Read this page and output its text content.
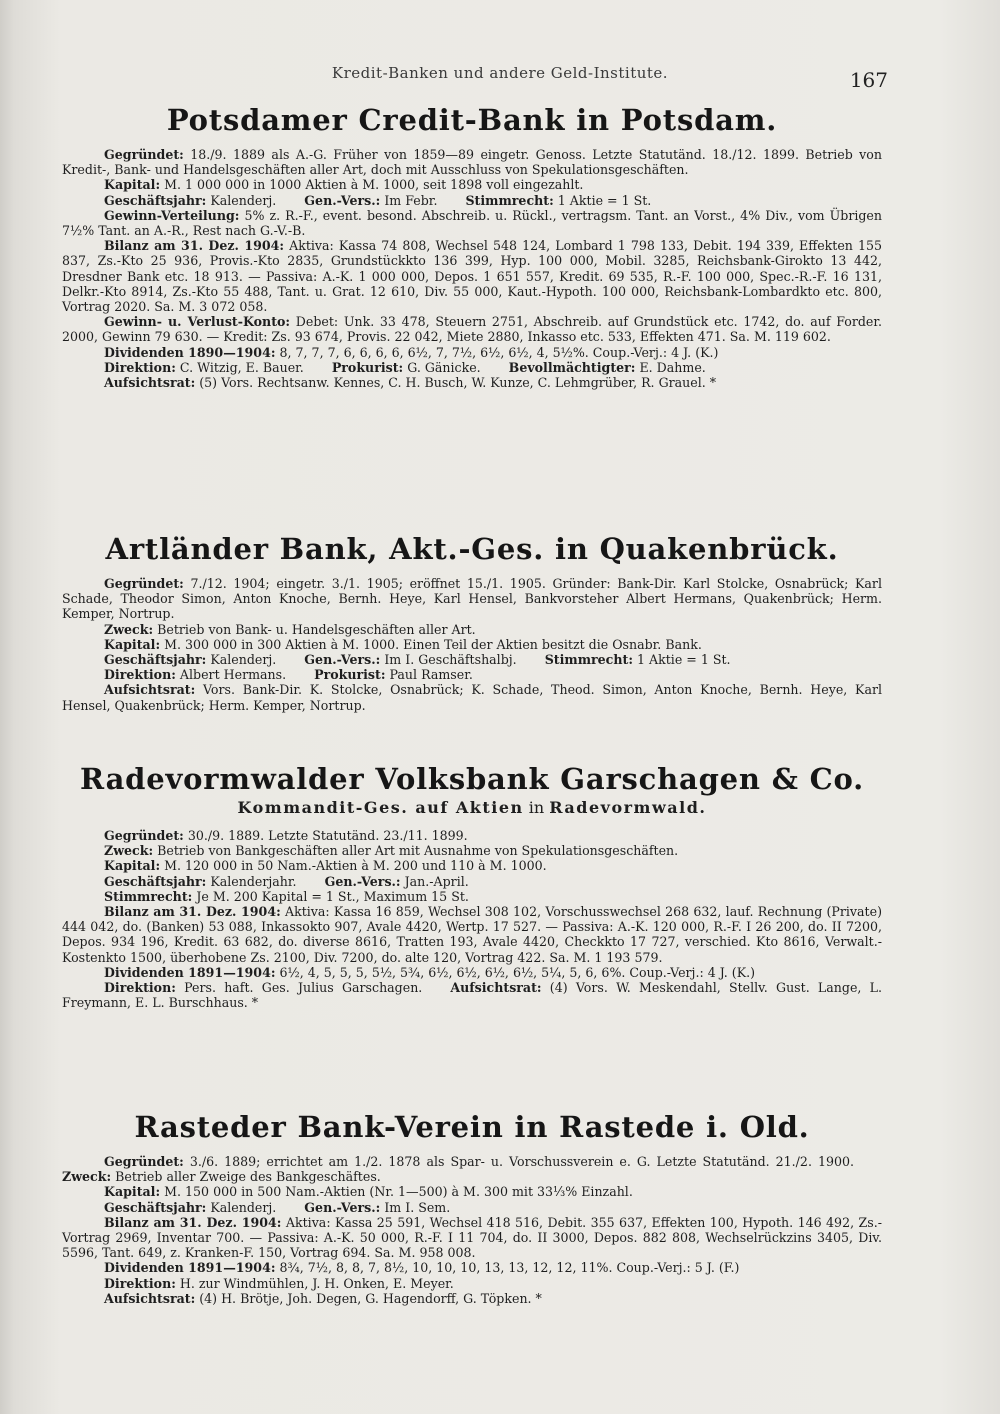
Kredit-Banken und andere Geld-Institute.	167
Potsdamer Credit-Bank in Potsdam.

Gegründet: 18./9. 1889 als A.-G. Früher von 1859—89 eingetr. Genoss. Letzte Statutänd. 18./12. 1899. Betrieb von Kredit-, Bank- und Handelsgeschäften aller Art, doch mit Ausschluss von Spekulationsgeschäften.

Kapital: M. 1 000 000 in 1000 Aktien à M. 1000, seit 1898 voll eingezahlt.

Geschäftsjahr: Kalenderj. Gen.-Vers.: Im Febr. Stimmrecht: 1 Aktie = 1 St.

Gewinn-Verteilung: 5% z. R.-F., event. besond. Abschreib. u. Rückl., vertragsm. Tant. an Vorst., 4% Div., vom Übrigen 7½% Tant. an A.-R., Rest nach G.-V.-B.

Bilanz am 31. Dez. 1904: Aktiva: Kassa 74 808, Wechsel 548 124, Lombard 1 798 133, Debit. 194 339, Effekten 155 837, Zs.-Kto 25 936, Provis.-Kto 2835, Grundstückkto 136 399, Hyp. 100 000, Mobil. 3285, Reichsbank-Girokto 13 442, Dresdner Bank etc. 18 913. — Passiva: A.-K. 1 000 000, Depos. 1 651 557, Kredit. 69 535, R.-F. 100 000, Spec.-R.-F. 16 131, Delkr.-Kto 8914, Zs.-Kto 55 488, Tant. u. Grat. 12 610, Div. 55 000, Kaut.-Hypoth. 100 000, Reichsbank-Lombardkto etc. 800, Vortrag 2020. Sa. M. 3 072 058.

Gewinn- u. Verlust-Konto: Debet: Unk. 33 478, Steuern 2751, Abschreib. auf Grundstück etc. 1742, do. auf Forder. 2000, Gewinn 79 630. — Kredit: Zs. 93 674, Provis. 22 042, Miete 2880, Inkasso etc. 533, Effekten 471. Sa. M. 119 602.

Dividenden 1890—1904: 8, 7, 7, 7, 6, 6, 6, 6, 6½, 7, 7½, 6½, 6½, 4, 5½%. Coup.-Verj.: 4 J. (K.)

Direktion: C. Witzig, E. Bauer. Prokurist: G. Gänicke. Bevollmächtigter: E. Dahme.

Aufsichtsrat: (5) Vors. Rechtsanw. Kennes, C. H. Busch, W. Kunze, C. Lehmgrüber, R. Grauel. *

Artländer Bank, Akt.-Ges. in Quakenbrück.

Gegründet: 7./12. 1904; eingetr. 3./1. 1905; eröffnet 15./1. 1905. Gründer: Bank-Dir. Karl Stolcke, Osnabrück; Karl Schade, Theodor Simon, Anton Knoche, Bernh. Heye, Karl Hensel, Bankvorsteher Albert Hermans, Quakenbrück; Herm. Kemper, Nortrup.

Zweck: Betrieb von Bank- u. Handelsgeschäften aller Art.

Kapital: M. 300 000 in 300 Aktien à M. 1000. Einen Teil der Aktien besitzt die Osnabr. Bank.

Geschäftsjahr: Kalenderj. Gen.-Vers.: Im I. Geschäftshalbj. Stimmrecht: 1 Aktie = 1 St.

Direktion: Albert Hermans. Prokurist: Paul Ramser.

Aufsichtsrat: Vors. Bank-Dir. K. Stolcke, Osnabrück; K. Schade, Theod. Simon, Anton Knoche, Bernh. Heye, Karl Hensel, Quakenbrück; Herm. Kemper, Nortrup.

Radevormwalder Volksbank Garschagen & Co.
Kommandit-Ges. auf Aktien in Radevormwald.

Gegründet: 30./9. 1889. Letzte Statutänd. 23./11. 1899.

Zweck: Betrieb von Bankgeschäften aller Art mit Ausnahme von Spekulationsgeschäften.

Kapital: M. 120 000 in 50 Nam.-Aktien à M. 200 und 110 à M. 1000.

Geschäftsjahr: Kalenderjahr. Gen.-Vers.: Jan.-April.

Stimmrecht: Je M. 200 Kapital = 1 St., Maximum 15 St.

Bilanz am 31. Dez. 1904: Aktiva: Kassa 16 859, Wechsel 308 102, Vorschusswechsel 268 632, lauf. Rechnung (Private) 444 042, do. (Banken) 53 088, Inkassokto 907, Avale 4420, Wertp. 17 527. — Passiva: A.-K. 120 000, R.-F. I 26 200, do. II 7200, Depos. 934 196, Kredit. 63 682, do. diverse 8616, Tratten 193, Avale 4420, Checkkto 17 727, verschied. Kto 8616, Verwalt.-Kostenkto 1500, überhobene Zs. 2100, Div. 7200, do. alte 120, Vortrag 422. Sa. M. 1 193 579.

Dividenden 1891—1904: 6½, 4, 5, 5, 5, 5½, 5¾, 6½, 6½, 6½, 6½, 5¼, 5, 6, 6%. Coup.-Verj.: 4 J. (K.)

Direktion: Pers. haft. Ges. Julius Garschagen. Aufsichtsrat: (4) Vors. W. Meskendahl, Stellv. Gust. Lange, L. Freymann, E. L. Burschhaus. *

Rasteder Bank-Verein in Rastede i. Old.

Gegründet: 3./6. 1889; errichtet am 1./2. 1878 als Spar- u. Vorschussverein e. G. Letzte Statutänd. 21./2. 1900.Zweck: Betrieb aller Zweige des Bankgeschäftes.

Kapital: M. 150 000 in 500 Nam.-Aktien (Nr. 1—500) à M. 300 mit 33⅓% Einzahl.

Geschäftsjahr: Kalenderj. Gen.-Vers.: Im I. Sem.

Bilanz am 31. Dez. 1904: Aktiva: Kassa 25 591, Wechsel 418 516, Debit. 355 637, Effekten 100, Hypoth. 146 492, Zs.-Vortrag 2969, Inventar 700. — Passiva: A.-K. 50 000, R.-F. I 11 704, do. II 3000, Depos. 882 808, Wechselrückzins 3405, Div. 5596, Tant. 649, z. Kranken-F. 150, Vortrag 694. Sa. M. 958 008.

Dividenden 1891—1904: 8¾, 7½, 8, 8, 7, 8½, 10, 10, 10, 13, 13, 12, 12, 11%. Coup.-Verj.: 5 J. (F.)

Direktion: H. zur Windmühlen, J. H. Onken, E. Meyer.

Aufsichtsrat: (4) H. Brötje, Joh. Degen, G. Hagendorff, G. Töpken. *
